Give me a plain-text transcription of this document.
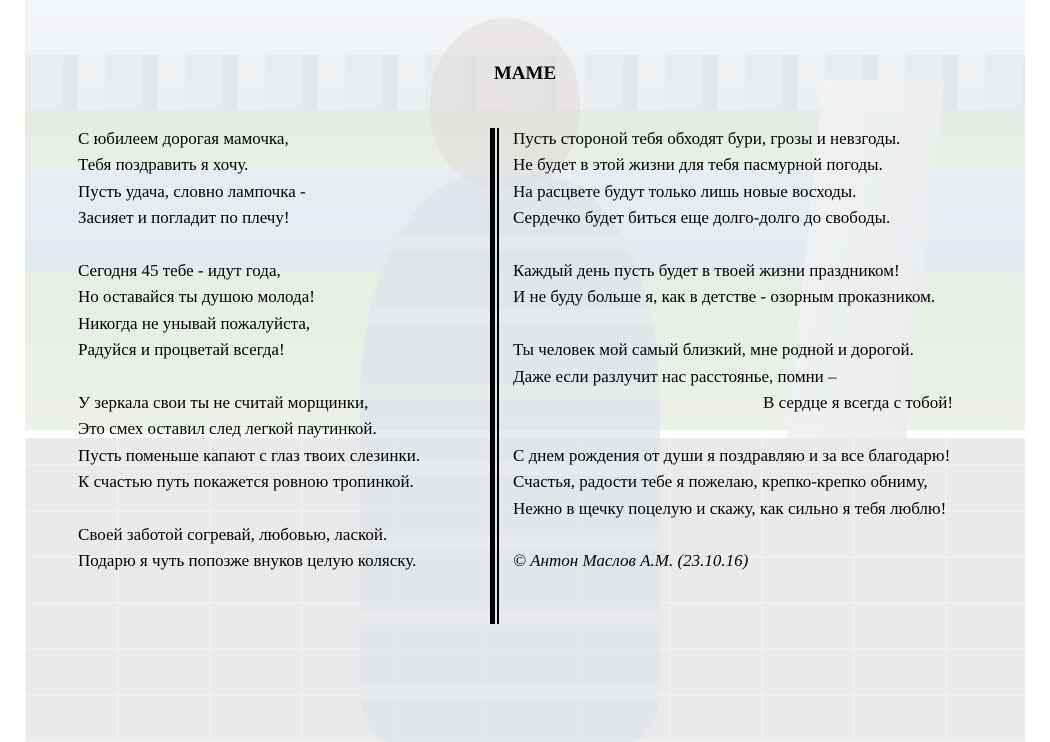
МАМЕ
С юбилеем дорогая мамочка,
Тебя поздравить я хочу.
Пусть удача, словно лампочка -
Засияет и погладит по плечу!
Сегодня 45 тебе - идут года,
Но оставайся ты душою молода!
Никогда не унывай пожалуйста,
Радуйся и процветай всегда!
У зеркала свои ты не считай морщинки,
Это смех оставил след легкой паутинкой.
Пусть поменьше капают с глаз твоих слезинки.
К счастью путь покажется ровною тропинкой.
Своей заботой согревай, любовью, лаской.
Подарю я чуть попозже внуков целую коляску.
Пусть стороной тебя обходят бури, грозы и невзгоды.
Не будет в этой жизни для тебя пасмурной погоды.
На расцвете будут только лишь новые восходы.
Сердечко будет биться еще долго-долго до свободы.
Каждый день пусть будет в твоей жизни праздником!
И не буду больше я, как в детстве - озорным проказником.
Ты человек мой самый близкий, мне родной и дорогой.
Даже если разлучит нас расстоянье, помни –
В сердце я всегда с тобой!
С днем рождения от души я поздравляю и за все благодарю!
Счастья, радости тебе я пожелаю, крепко-крепко обниму,
Нежно в щечку поцелую и скажу, как сильно я тебя люблю!
© Антон Маслов А.М. (23.10.16)
